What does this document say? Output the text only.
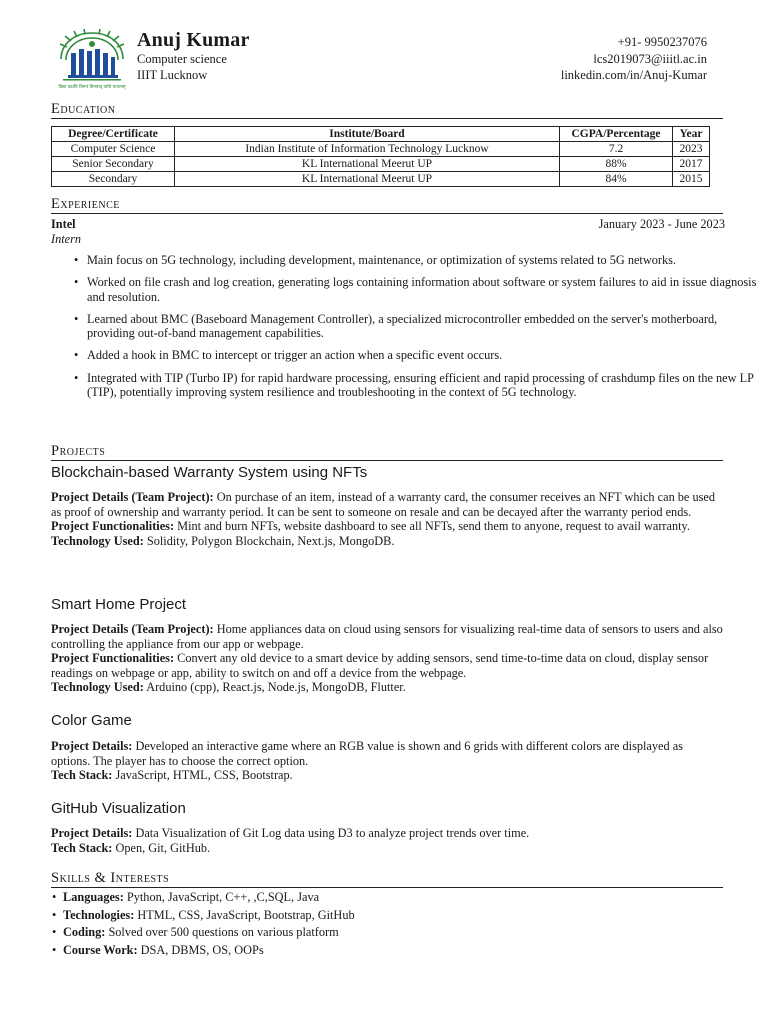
विद्या ददाति विनयं विनयाद् याति पात्रताम्
Anuj Kumar
Computer science
IIIT Lucknow
+91- 9950237076
lcs2019073@iiitl.ac.in
linkedin.com/in/Anuj-Kumar
Education
Degree/Certificate	Institute/Board	CGPA/Percentage	Year
Computer Science	Indian Institute of Information Technology Lucknow	7.2	2023
Senior Secondary	KL International Meerut UP	88%	2017
Secondary	KL International Meerut UP	84%	2015
Experience
Intel	January 2023 - June 2023
Intern
• Main focus on 5G technology, including development, maintenance, or optimization of systems related to 5G networks.
• Worked on file crash and log creation, generating logs containing information about software or system failures to aid in issue diagnosis and resolution.
• Learned about BMC (Baseboard Management Controller), a specialized microcontroller embedded on the server's motherboard, providing out-of-band management capabilities.
• Added a hook in BMC to intercept or trigger an action when a specific event occurs.
• Integrated with TIP (Turbo IP) for rapid hardware processing, ensuring efficient and rapid processing of crashdump files on the new LP (TIP), potentially improving system resilience and troubleshooting in the context of 5G technology.
Projects
Blockchain-based Warranty System using NFTs
Project Details (Team Project): On purchase of an item, instead of a warranty card, the consumer receives an NFT which can be used as proof of ownership and warranty period. It can be sent to someone on resale and can be decayed after the warranty period ends.
Project Functionalities: Mint and burn NFTs, website dashboard to see all NFTs, send them to anyone, request to avail warranty.
Technology Used: Solidity, Polygon Blockchain, Next.js, MongoDB.
Smart Home Project
Project Details (Team Project): Home appliances data on cloud using sensors for visualizing real-time data of sensors to users and also controlling the appliance from our app or webpage.
Project Functionalities: Convert any old device to a smart device by adding sensors, send time-to-time data on cloud, display sensor readings on webpage or app, ability to switch on and off a device from the webpage.
Technology Used: Arduino (cpp), React.js, Node.js, MongoDB, Flutter.
Color Game
Project Details: Developed an interactive game where an RGB value is shown and 6 grids with different colors are displayed as options. The player has to choose the correct option.
Tech Stack: JavaScript, HTML, CSS, Bootstrap.
GitHub Visualization
Project Details: Data Visualization of Git Log data using D3 to analyze project trends over time.
Tech Stack: Open, Git, GitHub.
Skills & Interests
• Languages: Python, JavaScript, C++, ,C,SQL, Java
• Technologies: HTML, CSS, JavaScript, Bootstrap, GitHub
• Coding: Solved over 500 questions on various platform
• Course Work: DSA, DBMS, OS, OOPs
